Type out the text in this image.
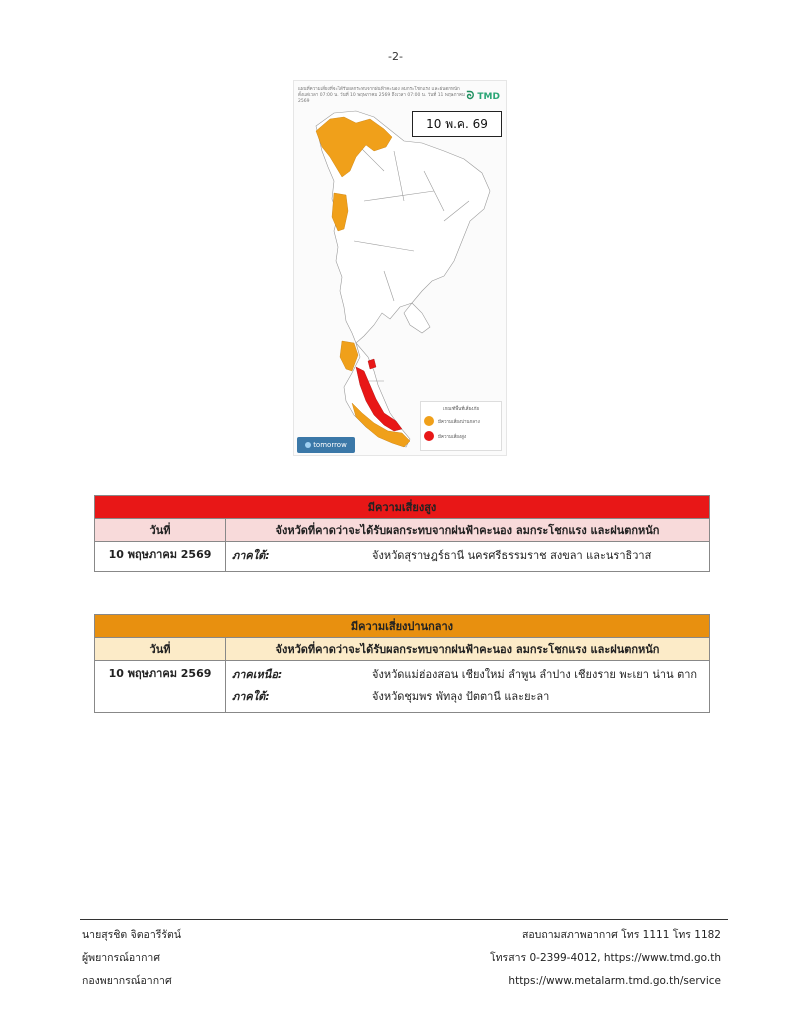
-2-
แผนที่ความเสี่ยงที่จะได้รับผลกระทบจากฝนฟ้าคะนอง ลมกระโชกแรง และฝนตกหนัก ตั้งแต่เวลา 07:00 น. วันที่ 10 พฤษภาคม 2569 ถึงเวลา 07:00 น. วันที่ 11 พฤษภาคม 2569	ᘐ TMD
10 พ.ค. 69
tomorrow
เกณฑ์พื้นที่เสี่ยงภัย
มีความเสี่ยงปานกลาง
มีความเสี่ยงสูง
มีความเสี่ยงสูง	
วันที่	จังหวัดที่คาดว่าจะได้รับผลกระทบจากฝนฟ้าคะนอง ลมกระโชกแรง และฝนตกหนัก
10 พฤษภาคม 2569	ภาคใต้: จังหวัดสุราษฎร์ธานี นครศรีธรรมราช สงขลา และนราธิวาส
มีความเสี่ยงปานกลาง	
วันที่	จังหวัดที่คาดว่าจะได้รับผลกระทบจากฝนฟ้าคะนอง ลมกระโชกแรง และฝนตกหนัก
10 พฤษภาคม 2569	ภาคเหนือ: จังหวัดแม่ฮ่องสอน เชียงใหม่ ลำพูน ลำปาง เชียงราย พะเยา น่าน ตาก
ภาคใต้: จังหวัดชุมพร พัทลุง ปัตตานี และยะลา
นายสุรชิต จิตอารีรัตน์
ผู้พยากรณ์อากาศ
กองพยากรณ์อากาศ
สอบถามสภาพอากาศ โทร 1111 โทร 1182
โทรสาร 0-2399-4012, https://www.tmd.go.th
https://www.metalarm.tmd.go.th/service
